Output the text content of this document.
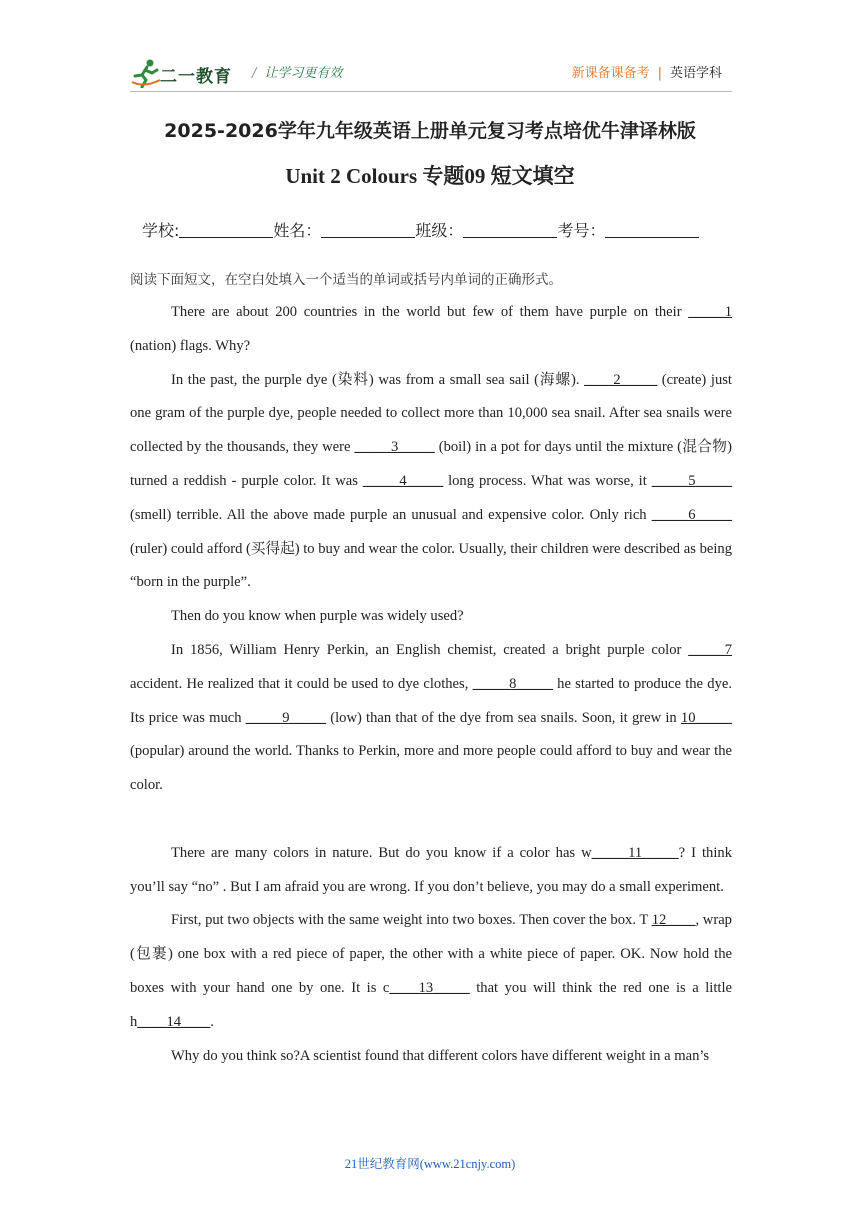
二一教育 / 让学习更有效	新课备课备考 | 英语学科
2025-2026学年九年级英语上册单元复习考点培优牛津译林版
Unit 2 Colours 专题09 短文填空
学校:	姓名：	班级：	考号：
阅读下面短文，在空白处填入一个适当的单词或括号内单词的正确形式。

There are about 200 countries in the world but few of them have purple on their _____1 (nation) flags. Why?

In the past, the purple dye (染料) was from a small sea sail (海螺). ____2_____ (create) just one gram of the purple dye, people needed to collect more than 10,000 sea snail. After sea snails were collected by the thousands, they were _____3_____ (boil) in a pot for days until the mixture (混合物) turned a reddish - purple color. It was _____4_____ long process. What was worse, it _____5_____ (smell) terrible. All the above made purple an unusual and expensive color. Only rich _____6_____ (ruler) could afford (买得起) to buy and wear the color. Usually, their children were described as being “born in the purple”.

Then do you know when purple was widely used?

In 1856, William Henry Perkin, an English chemist, created a bright purple color _____7 accident. He realized that it could be used to dye clothes, _____8_____ he started to produce the dye. Its price was much _____9_____ (low) than that of the dye from sea snails. Soon, it grew in 10_____ (popular) around the world. Thanks to Perkin, more and more people could afford to buy and wear the color.

There are many colors in nature. But do you know if a color has w_____11_____? I think you’ll say “no” . But I am afraid you are wrong. If you don’t believe, you may do a small experiment.

First, put two objects with the same weight into two boxes. Then cover the box. T 12____, wrap (包裹) one box with a red piece of paper, the other with a white piece of paper. OK. Now hold the boxes with your hand one by one. It is c____13_____ that you will think the red one is a little h____14____.

Why do you think so?A scientist found that different colors have different weight in a man’s

21世纪教育网(www.21cnjy.com)
